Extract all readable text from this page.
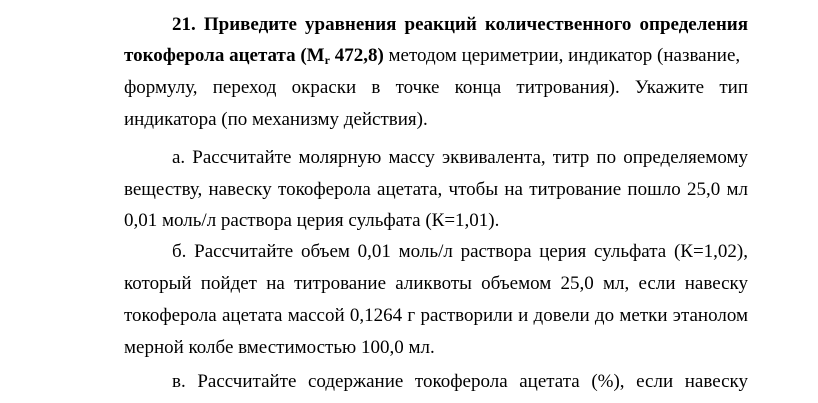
21. Приведите уравнения реакций количественного определения
токоферола ацетата ($M_r$ 472,8) методом цериметрии, индикатор (название,
формулу, переход окраски в точке конца титрования). Укажите тип
индикатора (по механизму действия).
а. Рассчитайте молярную массу эквивалента, титр по определяемому
веществу, навеску токоферола ацетата, чтобы на титрование пошло 25,0 мл
0,01 моль/л раствора церия сульфата (К=1,01).
б. Рассчитайте объем 0,01 моль/л раствора церия сульфата (К=1,02),
который пойдет на титрование аликвоты объемом 25,0 мл, если навеску
токоферола ацетата массой 0,1264 г растворили и довели до метки этанолом
мерной колбе вместимостью 100,0 мл.
в. Рассчитайте содержание токоферола ацетата (%), если навеску
